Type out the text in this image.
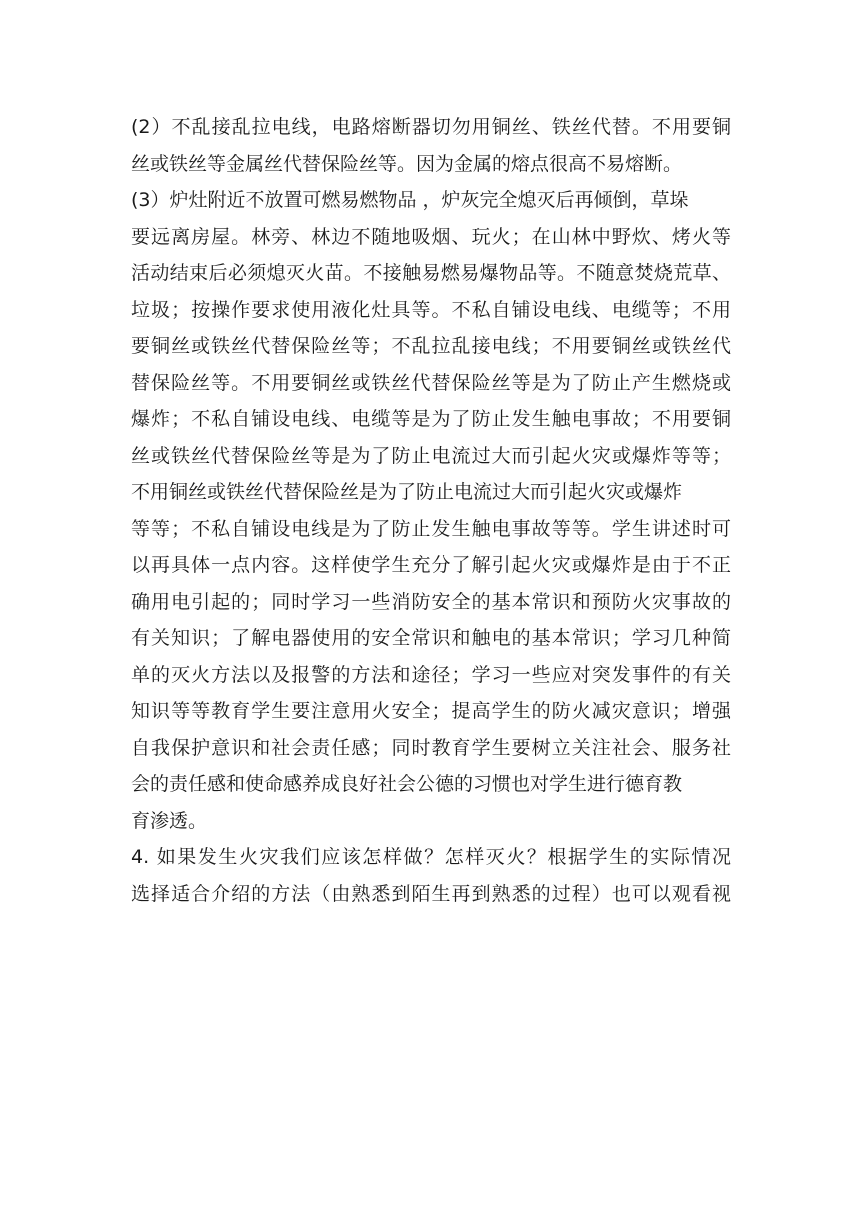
(2）不乱接乱拉电线，电路熔断器切勿用铜丝、铁丝代替。不用要铜
丝或铁丝等金属丝代替保险丝等。因为金属的熔点很高不易熔断。
(3）炉灶附近不放置可燃易燃物品 ，炉灰完全熄灭后再倾倒，草垛
要远离房屋。林旁、林边不随地吸烟、玩火；在山林中野炊、烤火等
活动结束后必须熄灭火苗。不接触易燃易爆物品等。不随意焚烧荒草、
垃圾；按操作要求使用液化灶具等。不私自铺设电线、电缆等；不用
要铜丝或铁丝代替保险丝等；不乱拉乱接电线；不用要铜丝或铁丝代
替保险丝等。不用要铜丝或铁丝代替保险丝等是为了防止产生燃烧或
爆炸；不私自铺设电线、电缆等是为了防止发生触电事故；不用要铜
丝或铁丝代替保险丝等是为了防止电流过大而引起火灾或爆炸等等；
不用铜丝或铁丝代替保险丝是为了防止电流过大而引起火灾或爆炸
等等；不私自铺设电线是为了防止发生触电事故等等。学生讲述时可
以再具体一点内容。这样使学生充分了解引起火灾或爆炸是由于不正
确用电引起的；同时学习一些消防安全的基本常识和预防火灾事故的
有关知识；了解电器使用的安全常识和触电的基本常识；学习几种简
单的灭火方法以及报警的方法和途径；学习一些应对突发事件的有关
知识等等教育学生要注意用火安全；提高学生的防火减灾意识；增强
自我保护意识和社会责任感；同时教育学生要树立关注社会、服务社
会的责任感和使命感养成良好社会公德的习惯也对学生进行德育教
育渗透。
4. 如果发生火灾我们应该怎样做？怎样灭火？根据学生的实际情况
选择适合介绍的方法（由熟悉到陌生再到熟悉的过程）也可以观看视
